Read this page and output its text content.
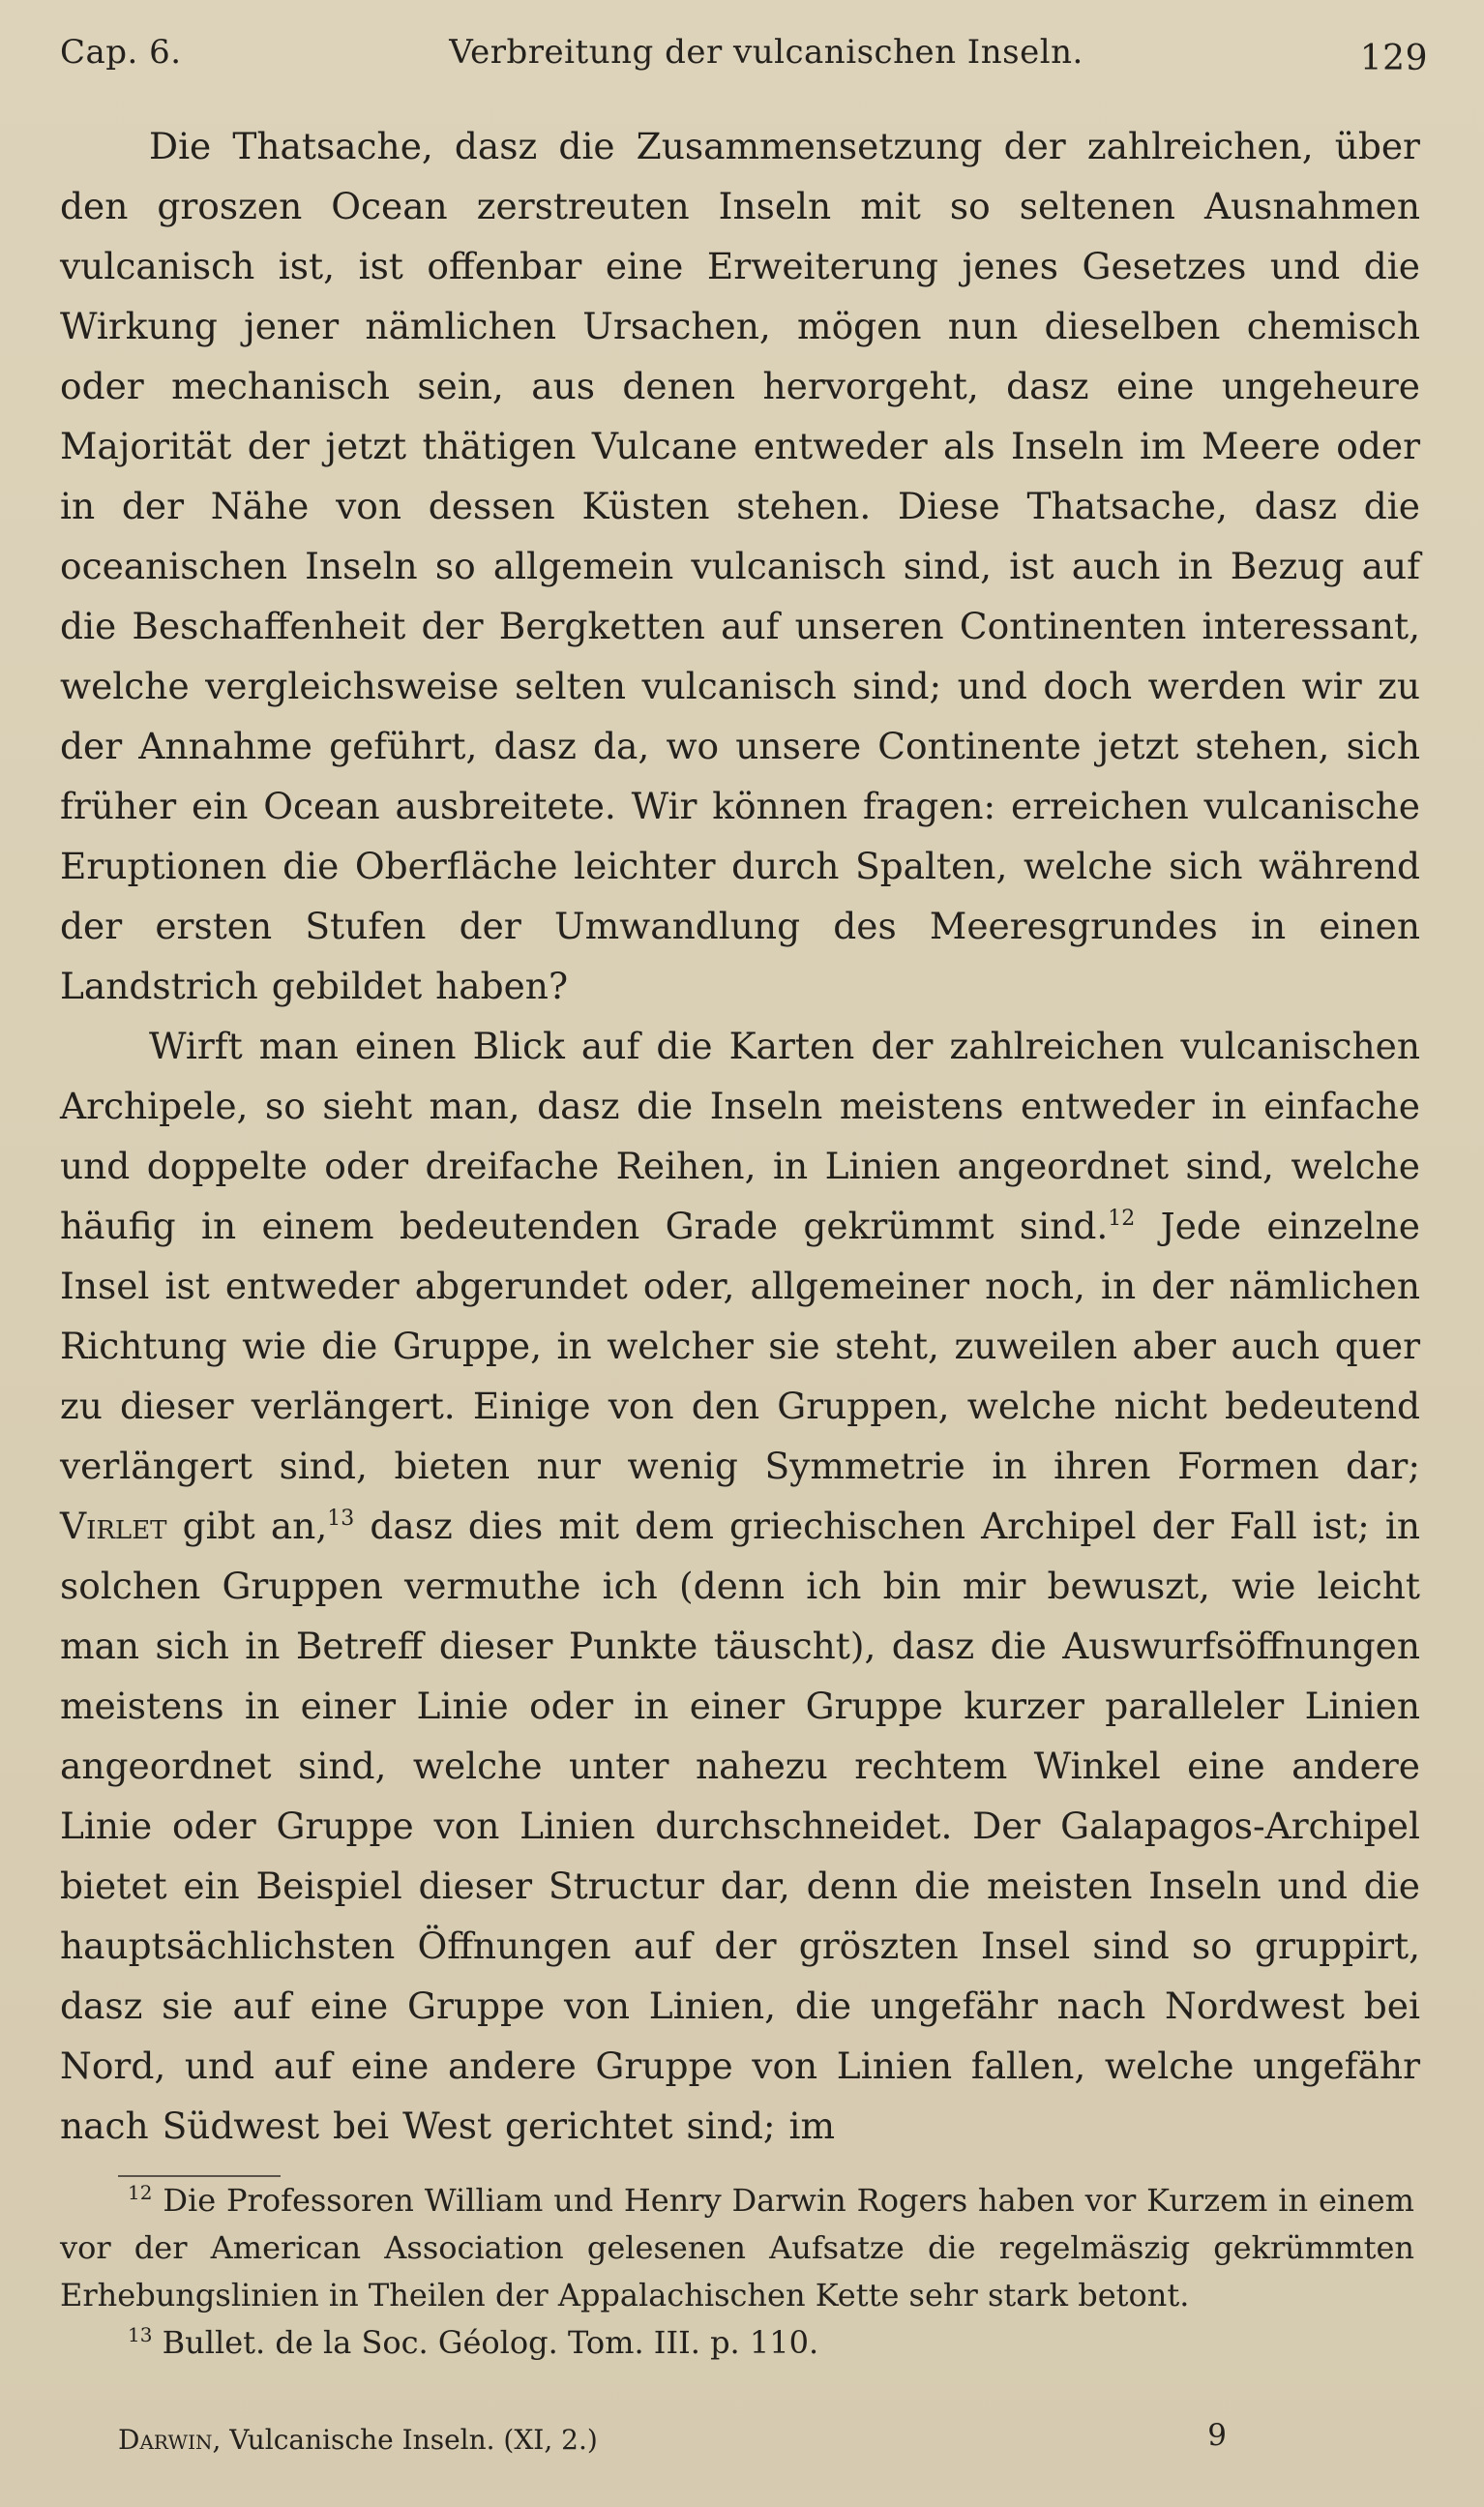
Cap. 6.	Verbreitung der vulcanischen Inseln.	129

Die Thatsache, dasz die Zusammensetzung der zahlreichen, über den groszen Ocean zerstreuten Inseln mit so seltenen Ausnahmen vulcanisch ist, ist offenbar eine Erweiterung jenes Gesetzes und die Wirkung jener nämlichen Ursachen, mögen nun dieselben chemisch oder mechanisch sein, aus denen hervorgeht, dasz eine ungeheure Majorität der jetzt thätigen Vulcane entweder als Inseln im Meere oder in der Nähe von dessen Küsten stehen. Diese Thatsache, dasz die oceanischen Inseln so allgemein vulcanisch sind, ist auch in Bezug auf die Beschaffenheit der Bergketten auf unseren Continenten interessant, welche vergleichsweise selten vulcanisch sind; und doch werden wir zu der Annahme geführt, dasz da, wo unsere Continente jetzt stehen, sich früher ein Ocean ausbreitete. Wir können fragen: erreichen vulcanische Eruptionen die Oberfläche leichter durch Spalten, welche sich während der ersten Stufen der Umwandlung des Meeresgrundes in einen Landstrich gebildet haben?

Wirft man einen Blick auf die Karten der zahlreichen vulcanischen Archipele, so sieht man, dasz die Inseln meistens entweder in einfache und doppelte oder dreifache Reihen, in Linien angeordnet sind, welche häufig in einem bedeutenden Grade gekrümmt sind.$^{12}$ Jede einzelne Insel ist entweder abgerundet oder, allgemeiner noch, in der nämlichen Richtung wie die Gruppe, in welcher sie steht, zuweilen aber auch quer zu dieser verlängert. Einige von den Gruppen, welche nicht bedeutend verlängert sind, bieten nur wenig Symmetrie in ihren Formen dar; Virlet gibt an,$^{13}$ dasz dies mit dem griechischen Archipel der Fall ist; in solchen Gruppen vermuthe ich (denn ich bin mir bewuszt, wie leicht man sich in Betreff dieser Punkte täuscht), dasz die Auswurfsöffnungen meistens in einer Linie oder in einer Gruppe kurzer paralleler Linien angeordnet sind, welche unter nahezu rechtem Winkel eine andere Linie oder Gruppe von Linien durchschneidet. Der Galapagos-Archipel bietet ein Beispiel dieser Structur dar, denn die meisten Inseln und die hauptsächlichsten Öffnungen auf der gröszten Insel sind so gruppirt, dasz sie auf eine Gruppe von Linien, die ungefähr nach Nordwest bei Nord, und auf eine andere Gruppe von Linien fallen, welche ungefähr nach Südwest bei West gerichtet sind; im

$^{12}$ Die Professoren William und Henry Darwin Rogers haben vor Kurzem in einem vor der American Association gelesenen Aufsatze die regelmäszig gekrümmten Erhebungslinien in Theilen der Appalachischen Kette sehr stark betont.

$^{13}$ Bullet. de la Soc. Géolog. Tom. III. p. 110.

Darwin, Vulcanische Inseln. (XI, 2.)	9
